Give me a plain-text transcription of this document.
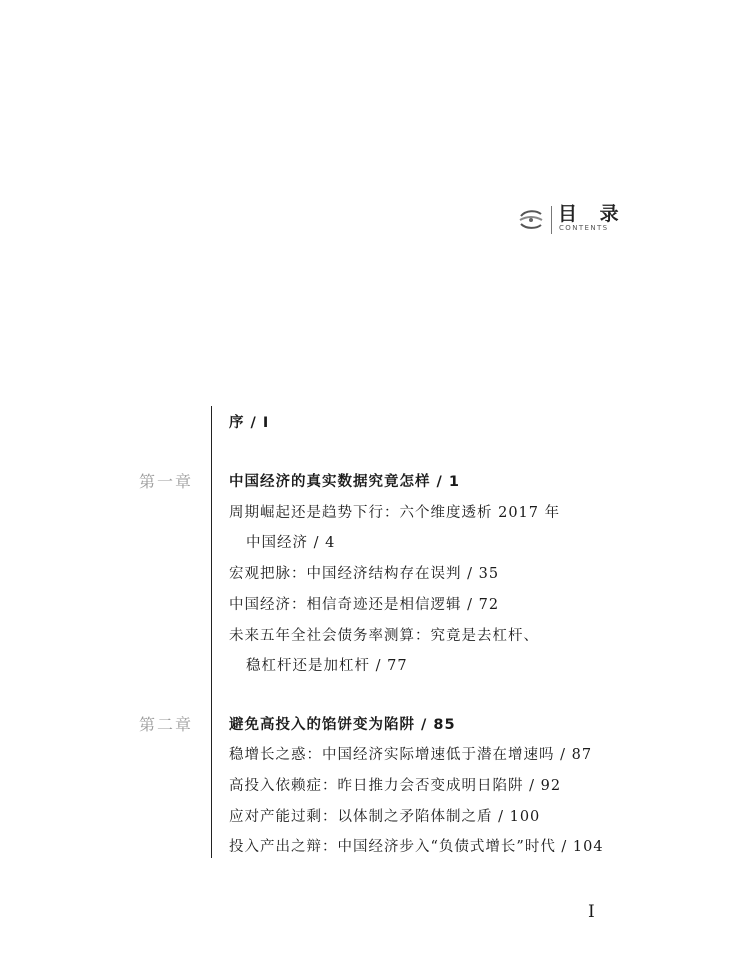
目 录
CONTENTS
序 / Ⅰ
第一章 中国经济的真实数据究竟怎样 / 1
周期崛起还是趋势下行：六个维度透析 2017 年
中国经济 / 4
宏观把脉：中国经济结构存在误判 / 35
中国经济：相信奇迹还是相信逻辑 / 72
未来五年全社会债务率测算：究竟是去杠杆、
稳杠杆还是加杠杆 / 77
第二章 避免高投入的馅饼变为陷阱 / 85
稳增长之惑：中国经济实际增速低于潜在增速吗 / 87
高投入依赖症：昨日推力会否变成明日陷阱 / 92
应对产能过剩：以体制之矛陷体制之盾 / 100
投入产出之辩：中国经济步入“负债式增长”时代 / 104
Ⅰ
